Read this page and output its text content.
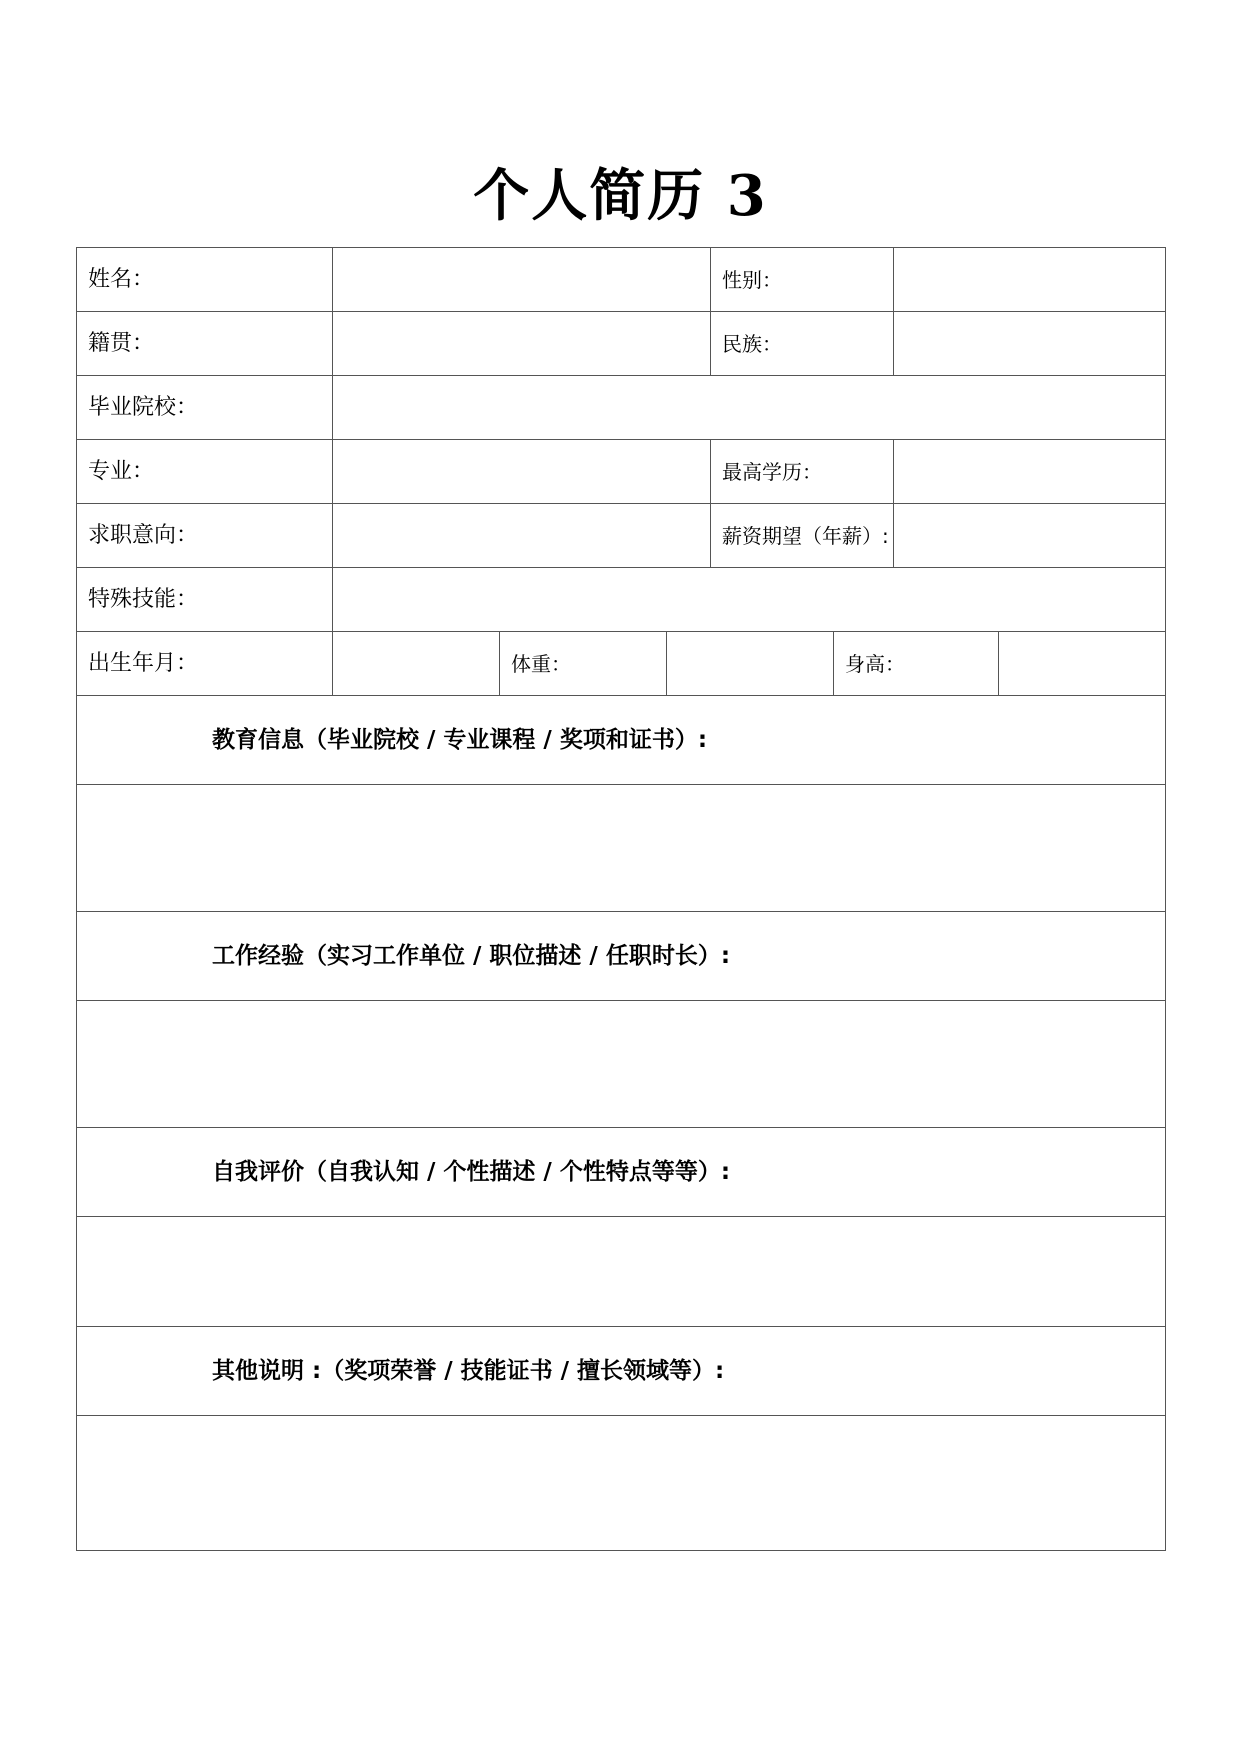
个人简历 3
姓名：				性别：			
籍贯：				民族：			
毕业院校：							
专业：				最高学历：			
求职意向：				薪资期望（年薪）:			
特殊技能：							
出生年月：		体重：			身高：		
教育信息（毕业院校 / 专业课程 / 奖项和证书）:							

工作经验（实习工作单位 / 职位描述 / 任职时长）:							

自我评价（自我认知 / 个性描述 / 个性特点等等）:							

其他说明 :（奖项荣誉 / 技能证书 / 擅长领域等）:							
